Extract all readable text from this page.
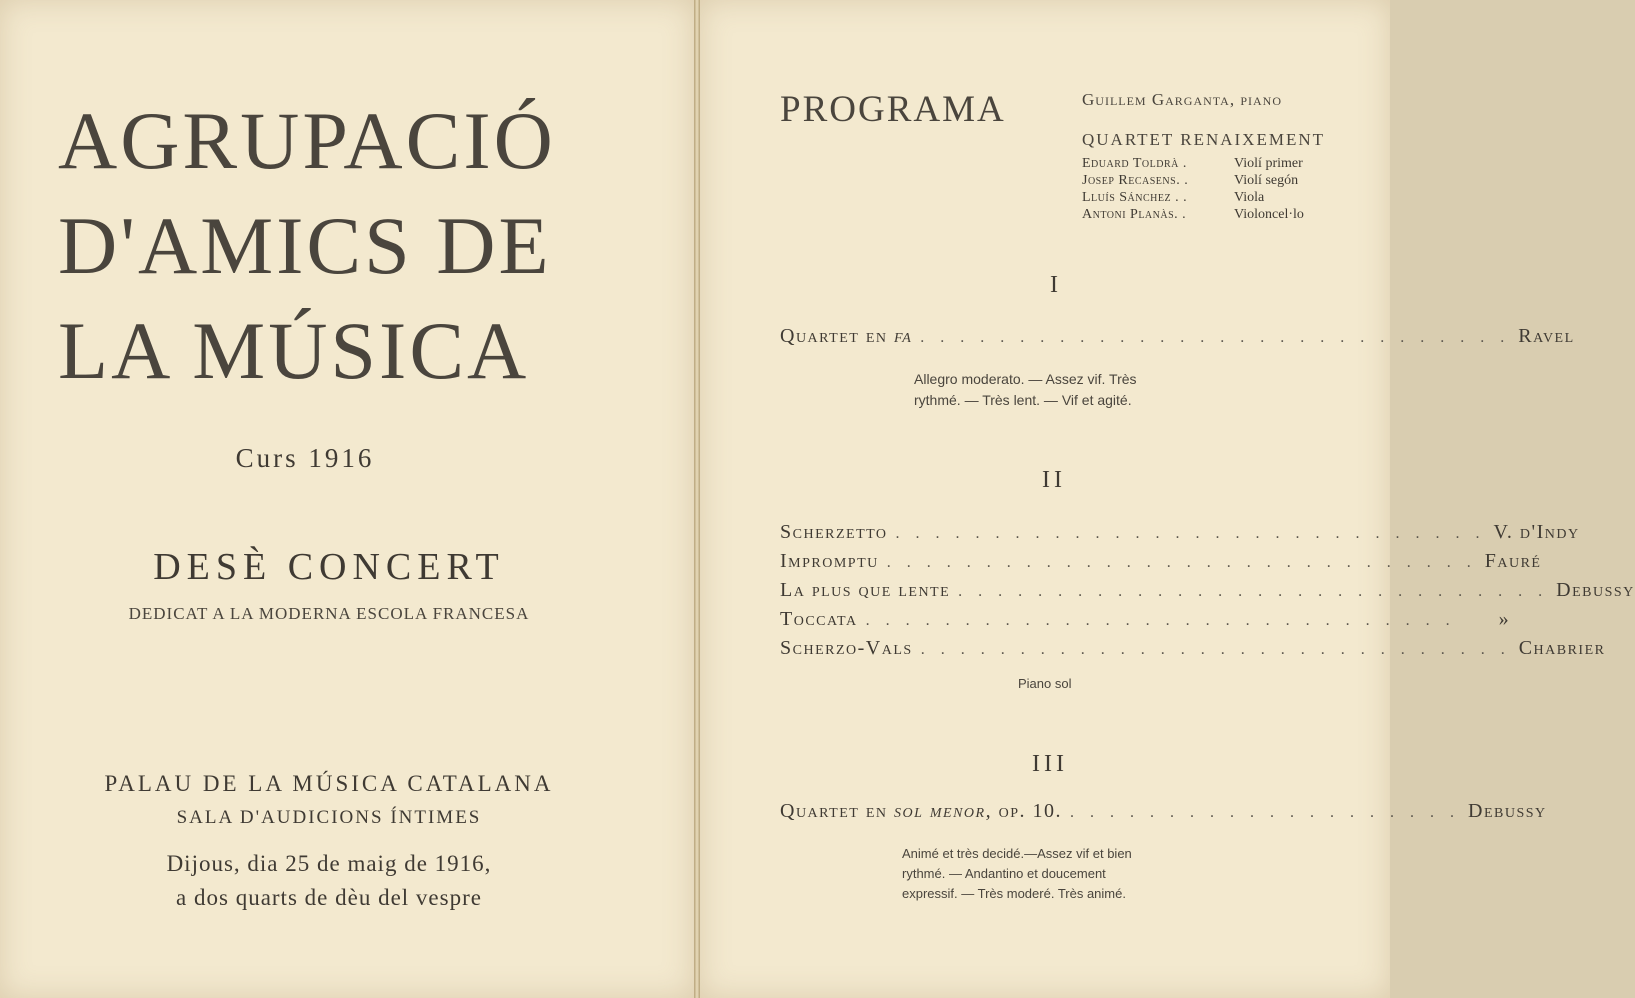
AGRUPACIÓ
D'AMICS DE
LA MÚSICA
Curs 1916
DESÈ CONCERT
DEDICAT A LA MODERNA ESCOLA FRANCESA
PALAU DE LA MÚSICA CATALANA
SALA D'AUDICIONS ÍNTIMES
Dijous, dia 25 de maig de 1916,
a dos quarts de dèu del vespre
PROGRAMA	Guillem Garganta, piano
QUARTET RENAIXEMENT
Eduard Toldrà .	Violí primer
Josep Recasens. .	Violí segón
Lluís Sánchez . .	Viola
Antoni Planàs. .	Violoncel·lo
I
Quartet en fa . . . . . . . . . . . . . . . . . . . . . . . . . . . . . . Ravel
Allegro moderato. — Assez vif. Très
rythmé. — Très lent. — Vif et agité.
II
Scherzetto . . . . . . . . . . . . . . . . . . . . . . . . . . . . . . V. d'Indy
Impromptu . . . . . . . . . . . . . . . . . . . . . . . . . . . . . . Fauré
La plus que lente . . . . . . . . . . . . . . . . . . . . . . . . . . . . . . Debussy
Toccata . . . . . . . . . . . . . . . . . . . . . . . . . . . . . .	»
Scherzo-Vals . . . . . . . . . . . . . . . . . . . . . . . . . . . . . . Chabrier
Piano sol
III
Quartet en sol menor, op. 10. . . . . . . . . . . . . . . . . . . . . Debussy
Animé et très decidé.—Assez vif et bien
rythmé. — Andantino et doucement
expressif. — Très moderé. Très animé.
